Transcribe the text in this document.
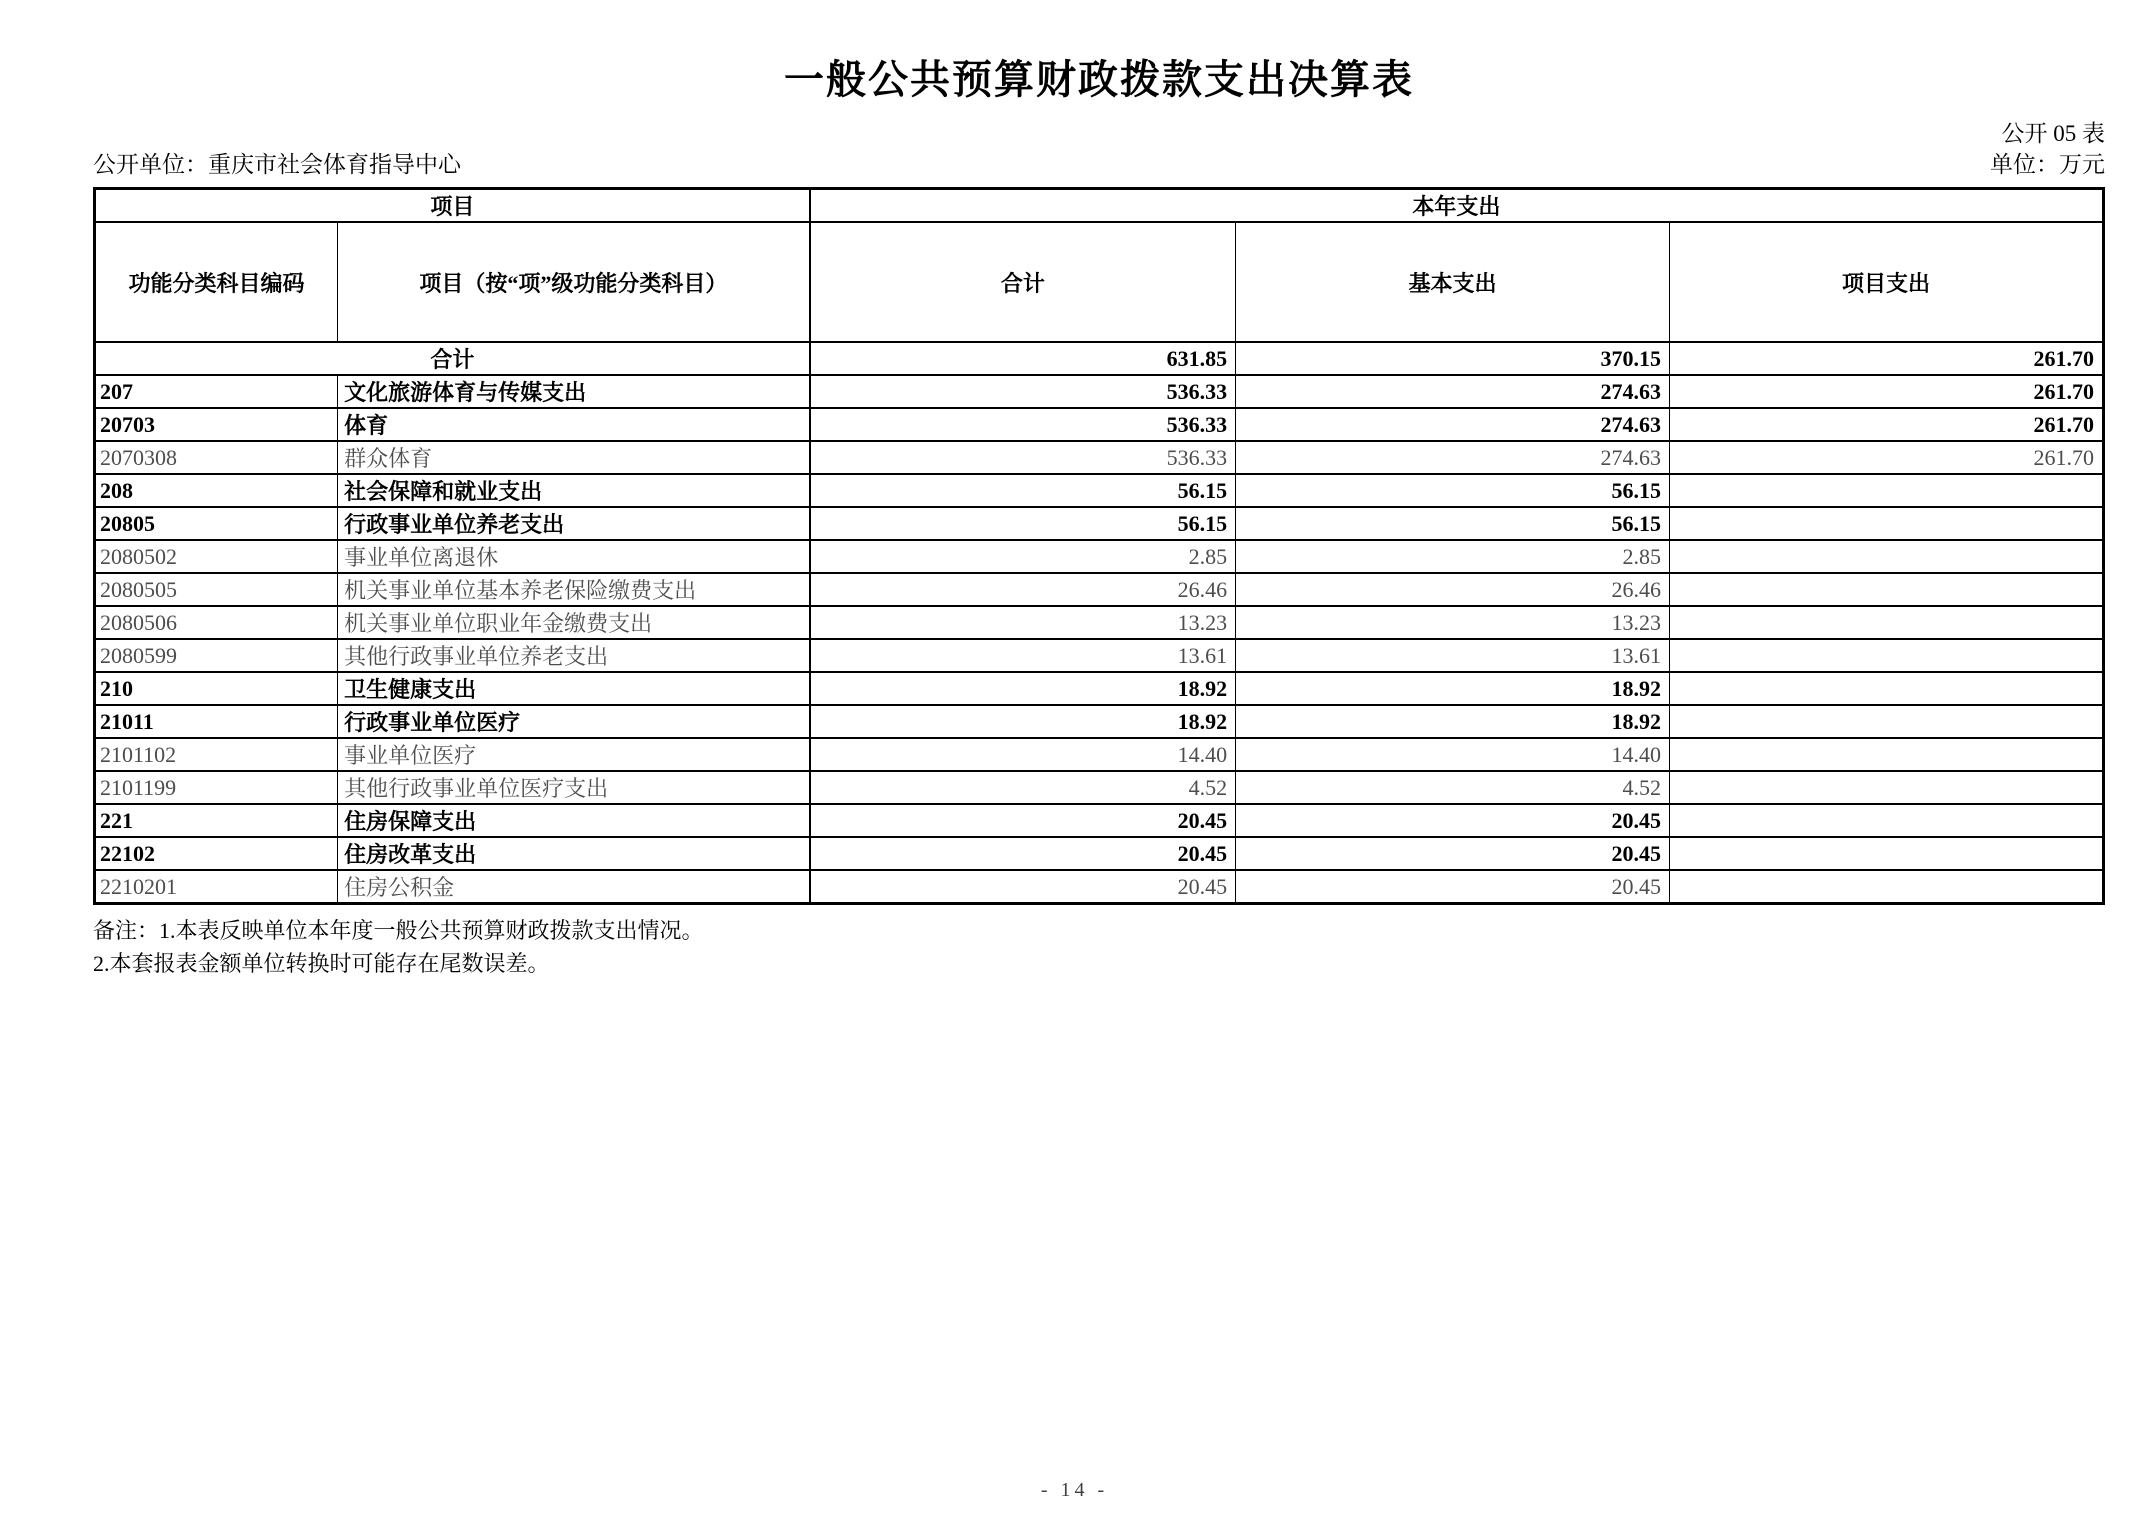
一般公共预算财政拨款支出决算表
公开 05 表
公开单位：重庆市社会体育指导中心	单位：万元
项目		本年支出		
功能分类科目编码	项目（按“项”级功能分类科目）	合计	基本支出	项目支出
合计		631.85	370.15	261.70
207	文化旅游体育与传媒支出	536.33	274.63	261.70
20703	体育	536.33	274.63	261.70
2070308	群众体育	536.33	274.63	261.70
208	社会保障和就业支出	56.15	56.15	
20805	行政事业单位养老支出	56.15	56.15	
2080502	事业单位离退休	2.85	2.85	
2080505	机关事业单位基本养老保险缴费支出	26.46	26.46	
2080506	机关事业单位职业年金缴费支出	13.23	13.23	
2080599	其他行政事业单位养老支出	13.61	13.61	
210	卫生健康支出	18.92	18.92	
21011	行政事业单位医疗	18.92	18.92	
2101102	事业单位医疗	14.40	14.40	
2101199	其他行政事业单位医疗支出	4.52	4.52	
221	住房保障支出	20.45	20.45	
22102	住房改革支出	20.45	20.45	
2210201	住房公积金	20.45	20.45	
备注：1.本表反映单位本年度一般公共预算财政拨款支出情况。
2.本套报表金额单位转换时可能存在尾数误差。
- 14 -
